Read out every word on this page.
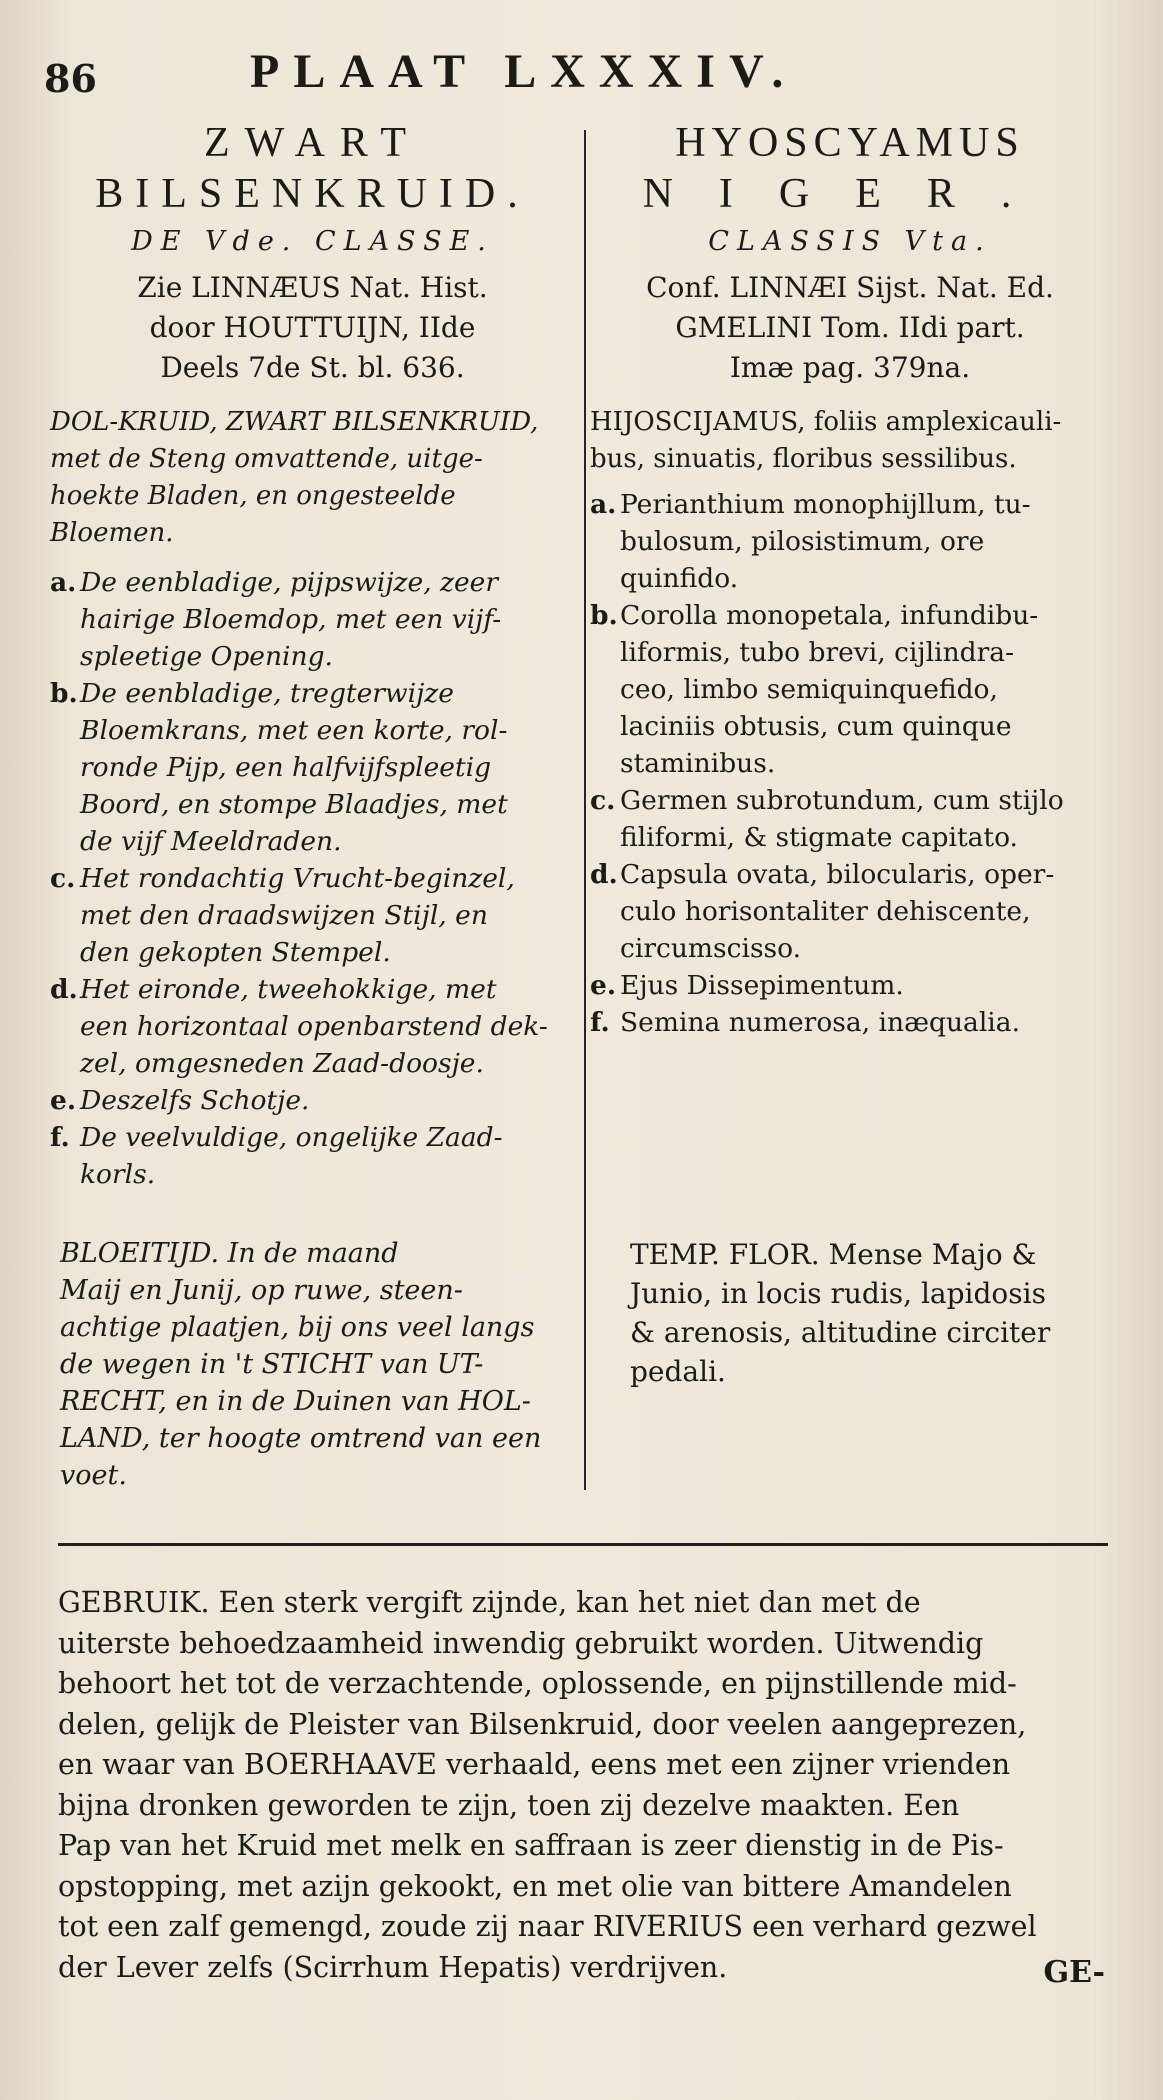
86	PLAAT LXXXIV.
ZWART
BILSENKRUID.
DE Vde. CLASSE.
Zie LINNÆUS Nat. Hist.
door HOUTTUIJN, IIde
Deels 7de St. bl. 636.
DOL-KRUID, ZWART BILSENKRUID,
met de Steng omvattende, uitge-
hoekte Bladen, en ongesteelde
Bloemen.
a. De eenbladige, pijpswijze, zeer
hairige Bloemdop, met een vijf-
spleetige Opening.
b. De eenbladige, tregterwijze
Bloemkrans, met een korte, rol-
ronde Pijp, een halfvijfspleetig
Boord, en stompe Blaadjes, met
de vijf Meeldraden.
c. Het rondachtig Vrucht-beginzel,
met den draadswijzen Stijl, en
den gekopten Stempel.
d. Het eironde, tweehokkige, met
een horizontaal openbarstend dek-
zel, omgesneden Zaad-doosje.
e. Deszelfs Schotje.
f. De veelvuldige, ongelijke Zaad-
korls.
HYOSCYAMUS
NIGER.
CLASSIS Vta.
Conf. LINNÆI Sijst. Nat. Ed.
GMELINI Tom. IIdi part.
Imæ pag. 379na.
HIJOSCIJAMUS, foliis amplexicauli-
bus, sinuatis, floribus sessilibus.
a. Perianthium monophijllum, tu-
bulosum, pilosistimum, ore
quinfido.
b. Corolla monopetala, infundibu-
liformis, tubo brevi, cijlindra-
ceo, limbo semiquinquefido,
laciniis obtusis, cum quinque
staminibus.
c. Germen subrotundum, cum stijlo
filiformi, & stigmate capitato.
d. Capsula ovata, bilocularis, oper-
culo horisontaliter dehiscente,
circumscisso.
e. Ejus Dissepimentum.
f. Semina numerosa, inæqualia.
BLOEITIJD. In de maand
Maij en Junij, op ruwe, steen-
achtige plaatjen, bij ons veel langs
de wegen in 't STICHT van UT-
RECHT, en in de Duinen van HOL-
LAND, ter hoogte omtrend van een
voet.
TEMP. FLOR. Mense Majo &
Junio, in locis rudis, lapidosis
& arenosis, altitudine circiter
pedali.
GEBRUIK. Een sterk vergift zijnde, kan het niet dan met de
uiterste behoedzaamheid inwendig gebruikt worden. Uitwendig
behoort het tot de verzachtende, oplossende, en pijnstillende mid-
delen, gelijk de Pleister van Bilsenkruid, door veelen aangeprezen,
en waar van BOERHAAVE verhaald, eens met een zijner vrienden
bijna dronken geworden te zijn, toen zij dezelve maakten. Een
Pap van het Kruid met melk en saffraan is zeer dienstig in de Pis-
opstopping, met azijn gekookt, en met olie van bittere Amandelen
tot een zalf gemengd, zoude zij naar RIVERIUS een verhard gezwel
der Lever zelfs (Scirrhum Hepatis) verdrijven.	GE-
